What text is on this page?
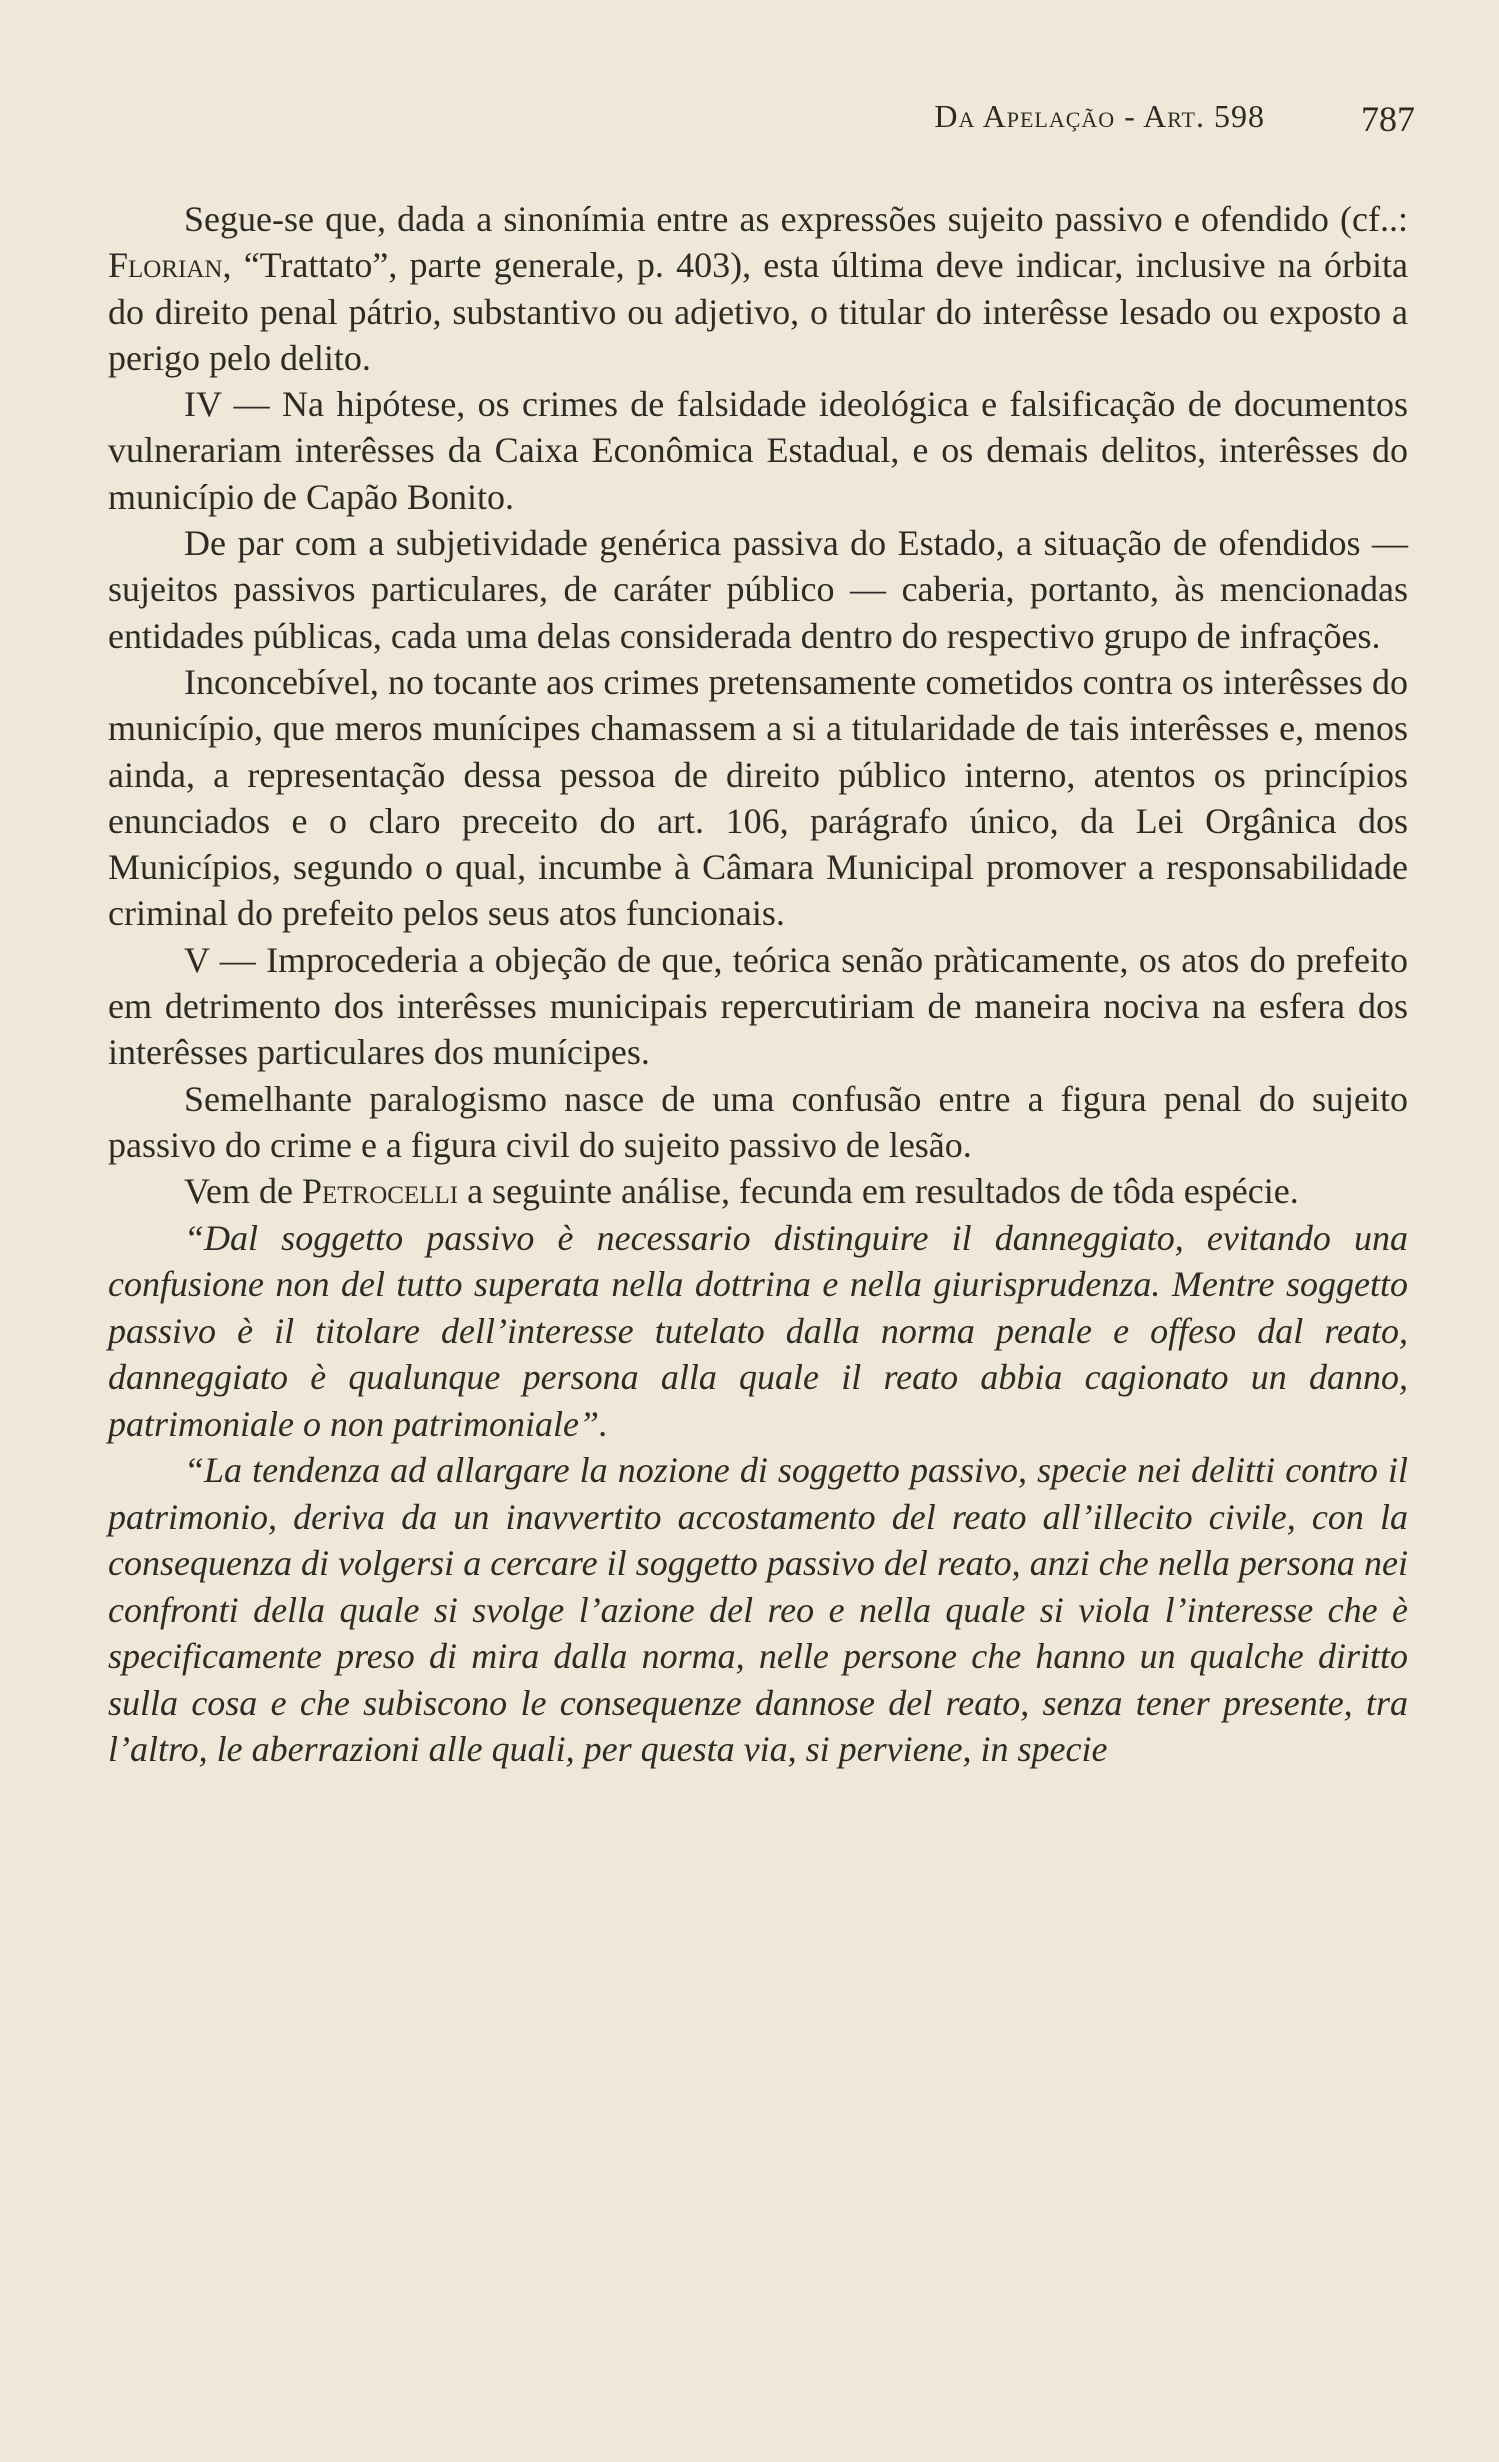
Da Apelação - Art. 598	787

Segue-se que, dada a sinonímia entre as expressões sujeito passivo e ofendido (cf..: Florian, “Trattato”, parte generale, p. 403), esta última deve indicar, inclusive na órbita do direito penal pátrio, substantivo ou adjetivo, o titular do interêsse lesado ou exposto a perigo pelo delito.

IV — Na hipótese, os crimes de falsidade ideológica e falsificação de documentos vulnerariam interêsses da Caixa Econômica Estadual, e os demais delitos, interêsses do município de Capão Bonito.

De par com a subjetividade genérica passiva do Estado, a situação de ofendidos — sujeitos passivos particulares, de caráter público — caberia, portanto, às mencionadas entidades públicas, cada uma delas considerada dentro do respectivo grupo de infrações.

Inconcebível, no tocante aos crimes pretensamente cometidos contra os interêsses do município, que meros munícipes chamassem a si a titularidade de tais interêsses e, menos ainda, a representação dessa pessoa de direito público interno, atentos os princípios enunciados e o claro preceito do art. 106, parágrafo único, da Lei Orgânica dos Municípios, segundo o qual, incumbe à Câmara Municipal promover a responsabilidade criminal do prefeito pelos seus atos funcionais.

V — Improcederia a objeção de que, teórica senão pràticamente, os atos do prefeito em detrimento dos interêsses municipais repercutiriam de maneira nociva na esfera dos interêsses particulares dos munícipes.

Semelhante paralogismo nasce de uma confusão entre a figura penal do sujeito passivo do crime e a figura civil do sujeito passivo de lesão.

Vem de Petrocelli a seguinte análise, fecunda em resultados de tôda espécie.

“Dal soggetto passivo è necessario distinguire il danneggiato, evitando una confusione non del tutto superata nella dottrina e nella giurisprudenza. Mentre soggetto passivo è il titolare dell’interesse tutelato dalla norma penale e offeso dal reato, danneggiato è qualunque persona alla quale il reato abbia cagionato un danno, patrimoniale o non patrimoniale”.

“La tendenza ad allargare la nozione di soggetto passivo, specie nei delitti contro il patrimonio, deriva da un inavvertito accostamento del reato all’illecito civile, con la consequenza di volgersi a cercare il soggetto passivo del reato, anzi che nella persona nei confronti della quale si svolge l’azione del reo e nella quale si viola l’interesse che è specificamente preso di mira dalla norma, nelle persone che hanno un qualche diritto sulla cosa e che subiscono le consequenze dannose del reato, senza tener presente, tra l’altro, le aberrazioni alle quali, per questa via, si perviene, in specie
